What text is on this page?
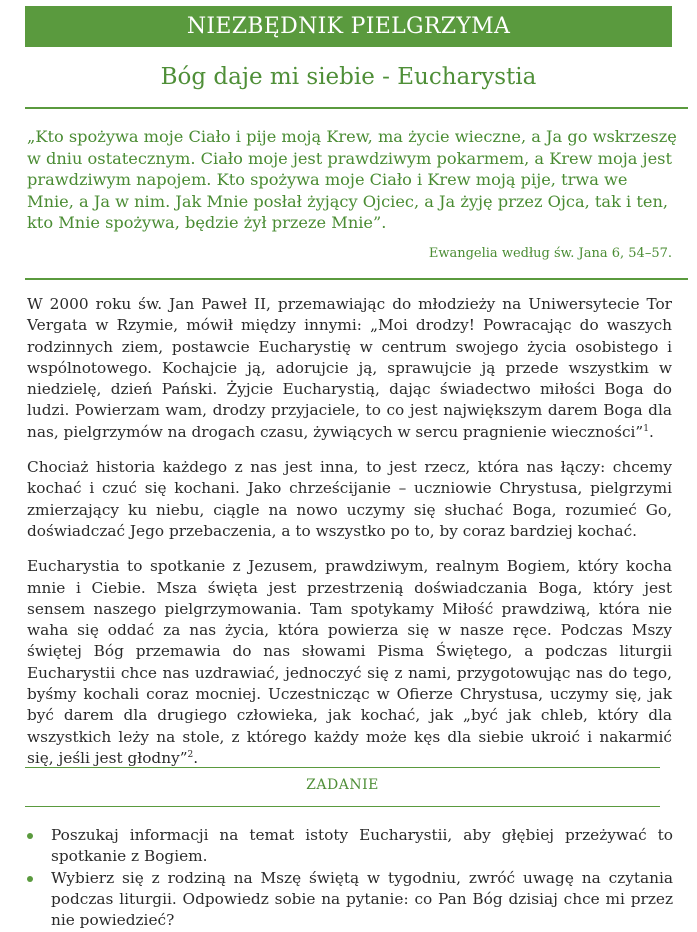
NIEZBĘDNIK PIELGRZYMA
Bóg daje mi siebie - Eucharystia

„Kto spożywa moje Ciało i pije moją Krew, ma życie wieczne, a Ja go wskrzeszę w dniu ostatecznym. Ciało moje jest prawdziwym pokarmem, a Krew moja jest prawdziwym napojem. Kto spożywa moje Ciało i Krew moją pije, trwa we Mnie, a Ja w nim. Jak Mnie posłał żyjący Ojciec, a Ja żyję przez Ojca, tak i ten, kto Mnie spożywa, będzie żył przeze Mnie”.

Ewangelia według św. Jana 6, 54–57.

W 2000 roku św. Jan Paweł II, przemawiając do młodzieży na Uniwersytecie Tor Vergata w Rzymie, mówił między innymi: „Moi drodzy! Powracając do waszych rodzinnych ziem, postawcie Eucharystię w centrum swojego życia osobistego i wspólnotowego. Kochajcie ją, adorujcie ją, sprawujcie ją przede wszystkim w niedzielę, dzień Pański. Żyjcie Eucharystią, dając świadectwo miłości Boga do ludzi. Powierzam wam, drodzy przyjaciele, to co jest największym darem Boga dla nas, pielgrzymów na drogach czasu, żywiących w sercu pragnienie wieczności”$^1$.

Chociaż historia każdego z nas jest inna, to jest rzecz, która nas łączy: chcemy kochać i czuć się kochani. Jako chrześcijanie – uczniowie Chrystusa, pielgrzymi zmierzający ku niebu, ciągle na nowo uczymy się słuchać Boga, rozumieć Go, doświadczać Jego przebaczenia, a to wszystko po to, by coraz bardziej kochać.

Eucharystia to spotkanie z Jezusem, prawdziwym, realnym Bogiem, który kocha mnie i Ciebie. Msza święta jest przestrzenią doświadczania Boga, który jest sensem naszego pielgrzymowania. Tam spotykamy Miłość prawdziwą, która nie waha się oddać za nas życia, która powierza się w nasze ręce. Podczas Mszy świętej Bóg przemawia do nas słowami Pisma Świętego, a podczas liturgii Eucharystii chce nas uzdrawiać, jednoczyć się z nami, przygotowując nas do tego, byśmy kochali coraz mocniej. Uczestnicząc w Ofierze Chrystusa, uczymy się, jak być darem dla drugiego człowieka, jak kochać, jak „być jak chleb, który dla wszystkich leży na stole, z którego każdy może kęs dla siebie ukroić i nakarmić się, jeśli jest głodny”$^2$.

ZADANIE
Poszukaj informacji na temat istoty Eucharystii, aby głębiej przeżywać to spotkanie z Bogiem.
Wybierz się z rodziną na Mszę świętą w tygodniu, zwróć uwagę na czytania podczas liturgii. Odpowiedz sobie na pytanie: co Pan Bóg dzisiaj chce mi przez nie powiedzieć?
